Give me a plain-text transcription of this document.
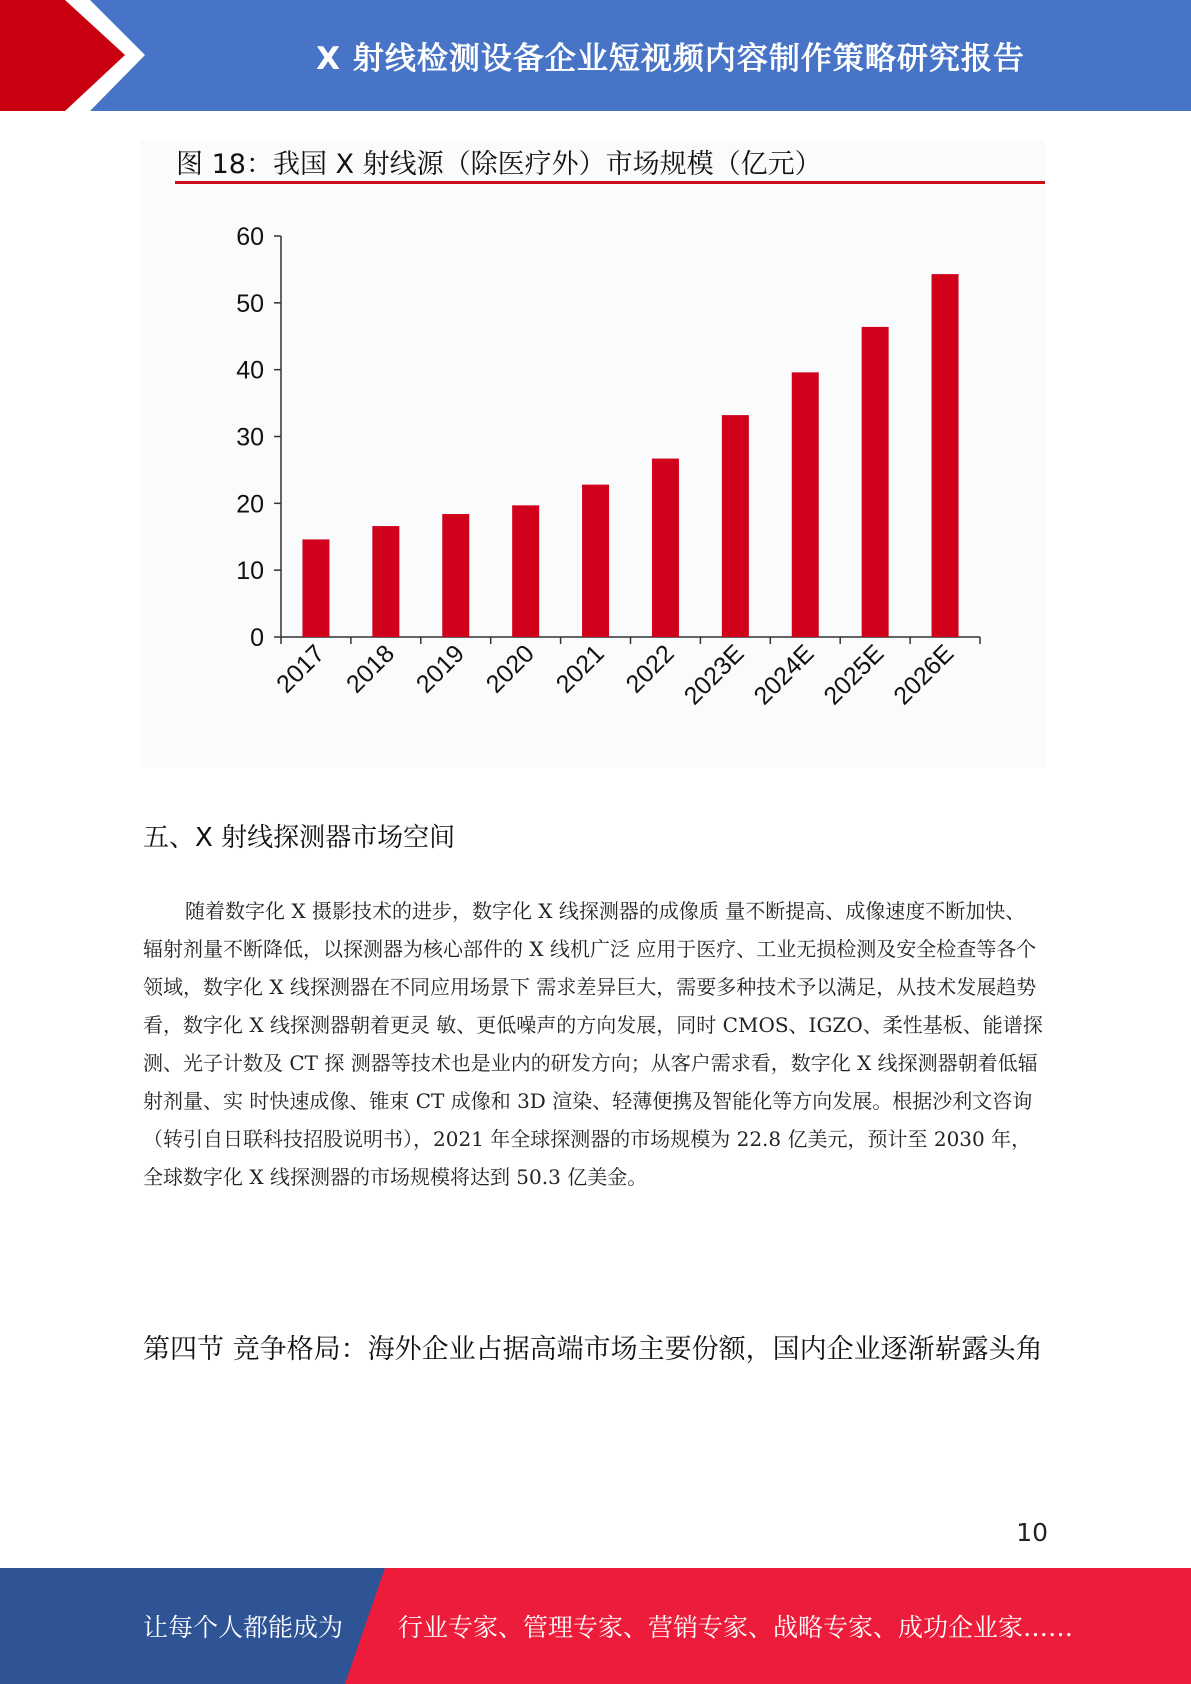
X 射线检测设备企业短视频内容制作策略研究报告
图 18：我国 X 射线源（除医疗外）市场规模（亿元）
0
10
20
30
40
50
60
2017 2018 2019 2020 2021 2022
2023E
2024E
2025E
2026E
五、X 射线探测器市场空间

随着数字化 X 摄影技术的进步，数字化 X 线探测器的成像质 量不断提高、成像速度不断加快、辐射剂量不断降低，以探测器为核心部件的 X 线机广泛 应用于医疗、工业无损检测及安全检查等各个领域，数字化 X 线探测器在不同应用场景下 需求差异巨大，需要多种技术予以满足，从技术发展趋势看，数字化 X 线探测器朝着更灵 敏、更低噪声的方向发展，同时 CMOS、IGZO、柔性基板、能谱探测、光子计数及 CT 探 测器等技术也是业内的研发方向；从客户需求看，数字化 X 线探测器朝着低辐射剂量、实 时快速成像、锥束 CT 成像和 3D 渲染、轻薄便携及智能化等方向发展。根据沙利文咨询（转引自日联科技招股说明书），2021 年全球探测器的市场规模为 22.8 亿美元，预计至 2030 年，全球数字化 X 线探测器的市场规模将达到 50.3 亿美金。

第四节 竞争格局：海外企业占据高端市场主要份额，国内企业逐渐崭露头角

10
让每个人都能成为 行业专家、管理专家、营销专家、战略专家、成功企业家……
